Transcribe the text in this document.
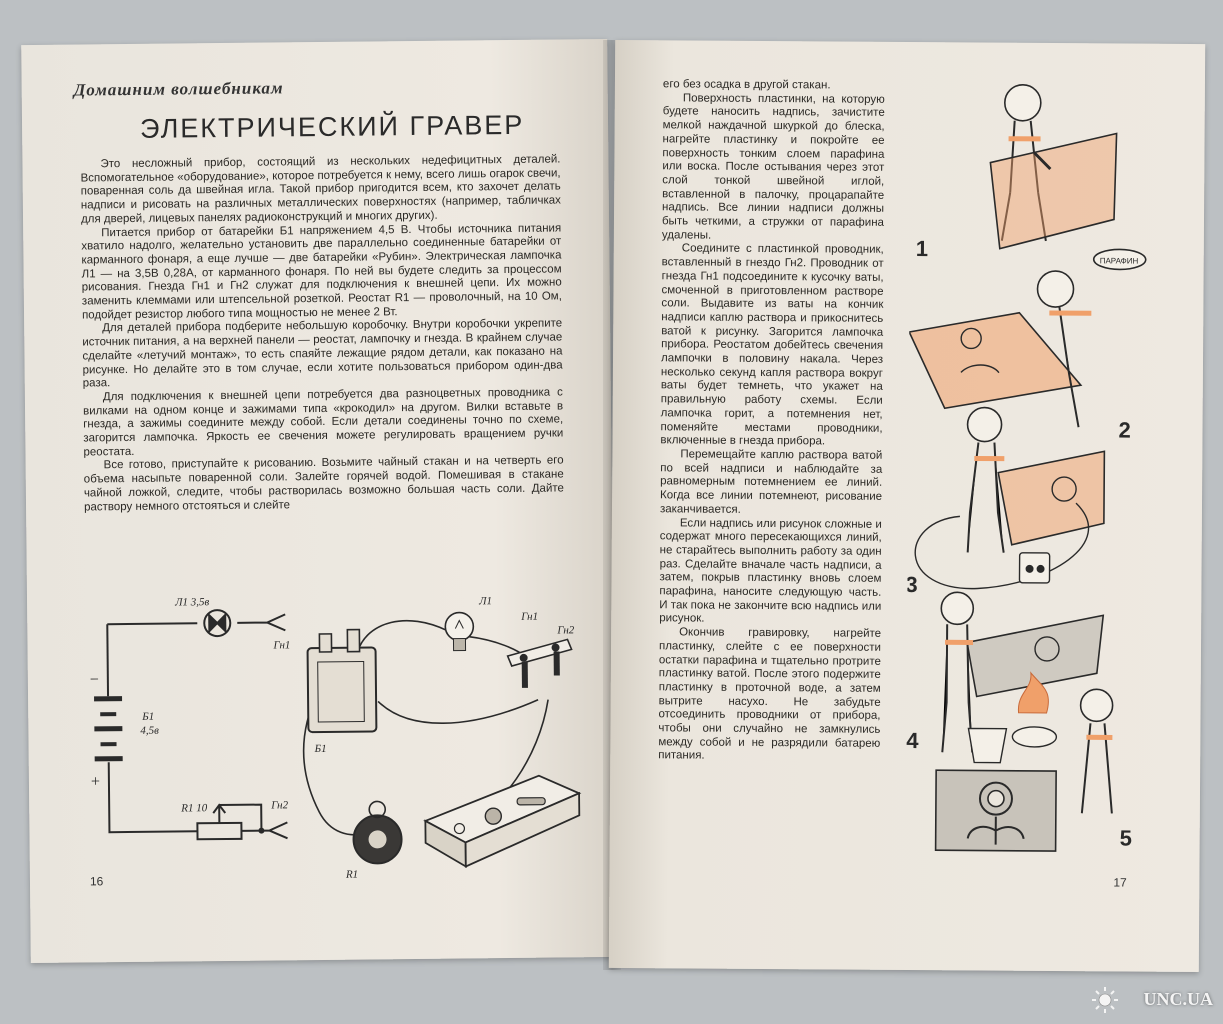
Домашним волшебникам
ЭЛЕКТРИЧЕСКИЙ ГРАВЕР

Это несложный прибор, состоящий из нескольких недефицитных деталей. Вспомогательное «оборудование», которое потребуется к нему, всего лишь огарок свечи, поваренная соль да швейная игла. Такой прибор пригодится всем, кто захочет делать надписи и рисовать на различных металлических поверхностях (например, табличках для дверей, лицевых панелях радиоконструкций и многих других).

Питается прибор от батарейки Б1 напряжением 4,5 В. Чтобы источника питания хватило надолго, желательно установить две параллельно соединенные батарейки от карманного фонаря, а еще лучше — две батарейки «Рубин». Электрическая лампочка Л1 — на 3,5В 0,28А, от карманного фонаря. По ней вы будете следить за процессом рисования. Гнезда Гн1 и Гн2 служат для подключения к внешней цепи. Их можно заменить клеммами или штепсельной розеткой. Реостат R1 — проволочный, на 10 Ом, подойдет резистор любого типа мощностью не менее 2 Вт.

Для деталей прибора подберите небольшую коробочку. Внутри коробочки укрепите источник питания, а на верхней панели — реостат, лампочку и гнезда. В крайнем случае сделайте «летучий монтаж», то есть спаяйте лежащие рядом детали, как показано на рисунке. Но делайте это в том случае, если хотите пользоваться прибором один-два раза.

Для подключения к внешней цепи потребуется два разноцветных проводника с вилками на одном конце и зажимами типа «крокодил» на другом. Вилки вставьте в гнезда, а зажимы соедините между собой. Если детали соединены точно по схеме, загорится лампочка. Яркость ее свечения можете регулировать вращением ручки реостата.

Все готово, приступайте к рисованию. Возьмите чайный стакан и на четверть его объема насыпьте поваренной соли. Залейте горячей водой. Помешивая в стакане чайной ложкой, следите, чтобы растворилась возможно большая часть соли. Дайте раствору немного отстояться и слейте

Л1 3,5в
Гн1
Гн2
−
+
Б1
4,5в
R1 10
Л1
Гн1
Гн2
Б1
R1
16

его без осадка в другой стакан.

Поверхность пластинки, на которую будете наносить надпись, зачистите мелкой наждачной шкуркой до блеска, нагрейте пластинку и покройте ее поверхность тонким слоем парафина или воска. После остывания через этот слой тонкой швейной иглой, вставленной в палочку, процарапайте надпись. Все линии надписи должны быть четкими, а стружки от парафина удалены.

Соедините с пластинкой проводник, вставленный в гнездо Гн2. Проводник от гнезда Гн1 подсоедините к кусочку ваты, смоченной в приготовленном растворе соли. Выдавите из ваты на кончик надписи каплю раствора и прикоснитесь ватой к рисунку. Загорится лампочка прибора. Реостатом добейтесь свечения лампочки в половину накала. Через несколько секунд капля раствора вокруг ваты будет темнеть, что укажет на правильную работу схемы. Если лампочка горит, а потемнения нет, поменяйте местами проводники, включенные в гнезда прибора.

Перемещайте каплю раствора ватой по всей надписи и наблюдайте за равномерным потемнением ее линий. Когда все линии потемнеют, рисование заканчивается.

Если надпись или рисунок сложные и содержат много пересекающихся линий, не старайтесь выполнить работу за один раз. Сделайте вначале часть надписи, а затем, покрыв пластинку вновь слоем парафина, наносите следующую часть. И так пока не закончите всю надпись или рисунок.

Окончив гравировку, нагрейте пластинку, слейте с ее поверхности остатки парафина и тщательно протрите пластинку ватой. После этого подержите пластинку в проточной воде, а затем вытрите насухо. Не забудьте отсоединить проводники от прибора, чтобы они случайно не замкнулись между собой и не разрядили батарею питания.

ПАРАФИН
1
2
3
4
5
17
UNC.UA
